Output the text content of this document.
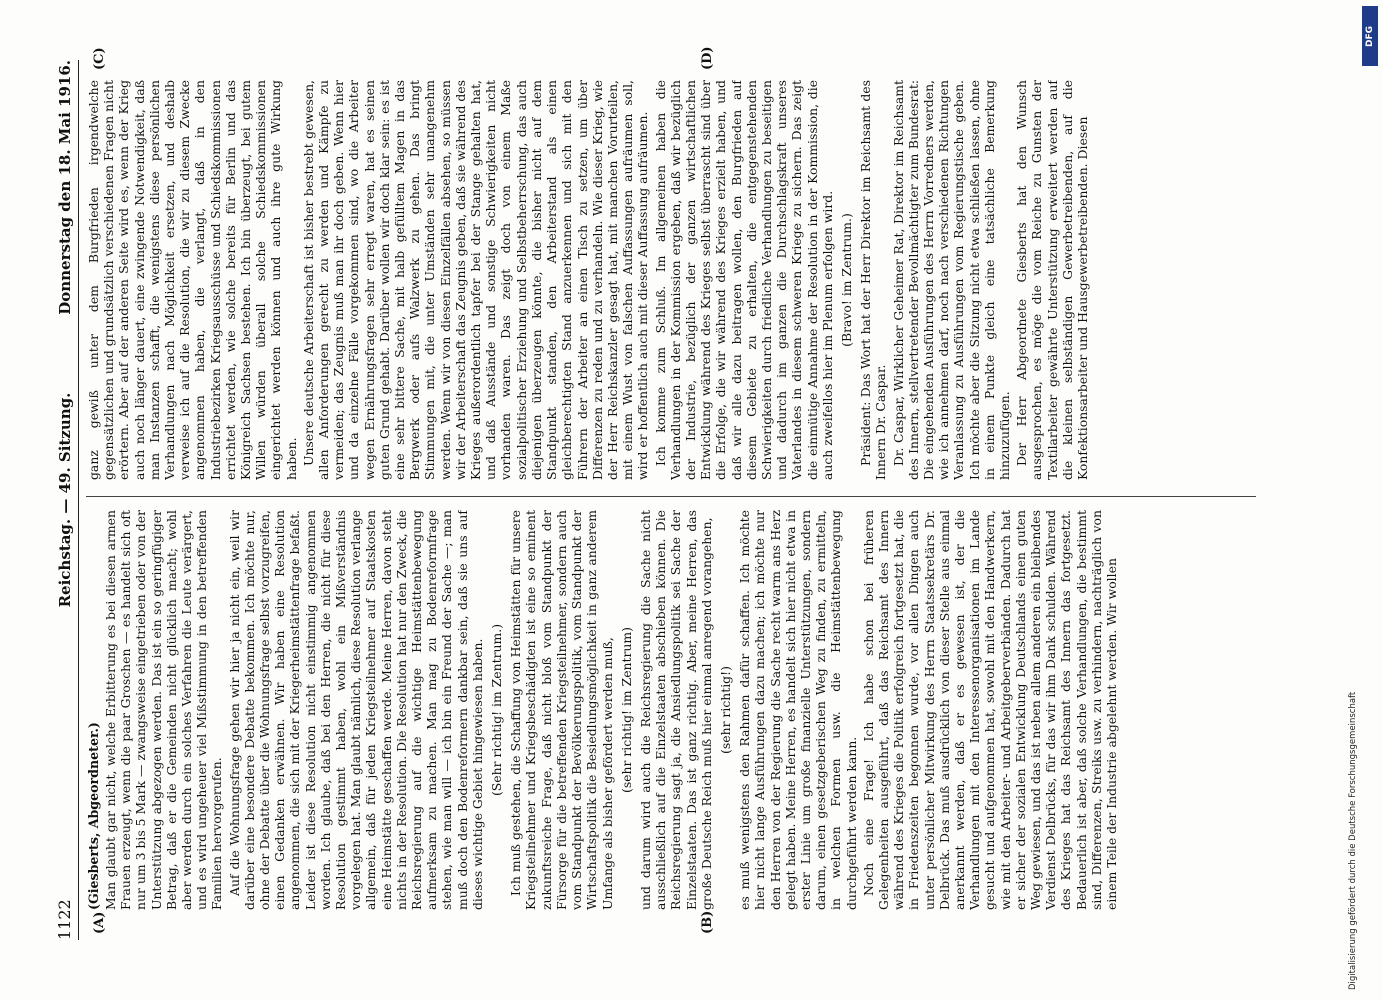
1122
Reichstag. — 49. Sitzung.
Donnerstag den 18. Mai 1916.
(A)	(B)
(C)	(D)
(Giesberts, Abgeordneter.) Man glaubt gar nicht, welche Erbitterung es bei diesen armen Frauen erzeugt, wenn die paar Groschen — es handelt sich oft nur um 3 bis 5 Mark — zwangsweise eingetrieben oder von der Unterstützung abgezogen werden. Das ist ein so geringfügiger Betrag, daß er die Gemeinden nicht glücklich macht; wohl aber werden durch ein solches Verfahren die Leute verärgert, und es wird ungeheuer viel Mißstimmung in den betreffenden Familien hervorgerufen. Auf die Wohnungsfrage gehen wir hier ja nicht ein, weil wir darüber eine besondere Debatte bekommen. Ich möchte nur, ohne der Debatte über die Wohnungsfrage selbst vorzugreifen, einen Gedanken erwähnen. Wir haben eine Resolution angenommen, die sich mit der Kriegerheimstättenfrage befaßt. Leider ist diese Resolution nicht einstimmig angenommen worden. Ich glaube, daß bei den Herren, die nicht für diese Resolution gestimmt haben, wohl ein Mißverständnis vorgelegen hat. Man glaubt nämlich, diese Resolution verlange allgemein, daß für jeden Kriegsteilnehmer auf Staatskosten eine Heimstätte geschaffen werde. Meine Herren, davon steht nichts in der Resolution. Die Resolution hat nur den Zweck, die Reichsregierung auf die wichtige Heimstättenbewegung aufmerksam zu machen. Man mag zu Bodenreformfrage stehen, wie man will — ich bin ein Freund der Sache —; man muß doch den Bodenreformern dankbar sein, daß sie uns auf dieses wichtige Gebiet hingewiesen haben. (Sehr richtig! im Zentrum.) Ich muß gestehen, die Schaffung von Heimstätten für unsere Kriegsteilnehmer und Kriegsbeschädigten ist eine so eminent zukunftsreiche Frage, daß nicht bloß vom Standpunkt der Fürsorge für die betreffenden Kriegsteilnehmer, sondern auch vom Standpunkt der Bevölkerungspolitik, vom Standpunkt der Wirtschaftspolitik die Besiedlungsmöglichkeit in ganz anderem Umfange als bisher gefördert werden muß, (sehr richtig! im Zentrum) und darum wird auch die Reichsregierung die Sache nicht ausschließlich auf die Einzelstaaten abschieben können. Die Reichsregierung sagt ja, die Ansiedlungspolitik sei Sache der Einzelstaaten. Das ist ganz richtig. Aber, meine Herren, das große Deutsche Reich muß hier einmal anregend vorangehen, (sehr richtig!) es muß wenigstens den Rahmen dafür schaffen. Ich möchte hier nicht lange Ausführungen dazu machen; ich möchte nur den Herren von der Regierung die Sache recht warm ans Herz gelegt haben. Meine Herren, es handelt sich hier nicht etwa in erster Linie um große finanzielle Unterstützungen, sondern darum, einen gesetzgeberischen Weg zu finden, zu ermitteln, in welchen Formen usw. die Heimstättenbewegung durchgeführt werden kann. Noch eine Frage! Ich habe schon bei früheren Gelegenheiten ausgeführt, daß das Reichsamt des Innern während des Krieges die Politik erfolgreich fortgesetzt hat, die in Friedenszeiten begonnen wurde, vor allen Dingen auch unter persönlicher Mitwirkung des Herrn Staatssekretärs Dr. Delbrück. Das muß ausdrücklich von dieser Stelle aus einmal anerkannt werden, daß er es gewesen ist, der die Verhandlungen mit den Interessenorganisationen im Lande gesucht und aufgenommen hat, sowohl mit den Handwerkern, wie mit den Arbeiter- und Arbeitgeberverbänden. Dadurch hat er sicher der sozialen Entwicklung Deutschlands einen guten Weg gewiesen, und das ist neben allem anderen ein bleibendes Verdienst Delbrücks, für das wir ihm Dank schulden. Während des Krieges hat das Reichsamt des Innern das fortgesetzt. Bedauerlich ist aber, daß solche Verhandlungen, die bestimmt sind, Differenzen, Streiks usw. zu verhindern, nachträglich von einem Teile der Industrie abgelehnt werden. Wir wollen

ganz gewiß unter dem Burgfrieden irgendwelche gegensätzlichen und grundsätzlich verschiedenen Fragen nicht erörtern. Aber auf der anderen Seite wird es, wenn der Krieg auch noch länger dauert, eine zwingende Notwendigkeit, daß man Instanzen schafft, die wenigstens diese persönlichen Verhandlungen nach Möglichkeit ersetzen, und deshalb verweise ich auf die Resolution, die wir zu diesem Zwecke angenommen haben, die verlangt, daß in den Industriebezirken Kriegsausschüsse und Schiedskommissionen errichtet werden, wie solche bereits für Berlin und das Königreich Sachsen bestehen. Ich bin überzeugt, bei gutem Willen würden überall solche Schiedskommissionen eingerichtet werden können und auch ihre gute Wirkung haben. Unsere deutsche Arbeiterschaft ist bisher bestrebt gewesen, allen Anforderungen gerecht zu werden und Kämpfe zu vermeiden; das Zeugnis muß man ihr doch geben. Wenn hier und da einzelne Fälle vorgekommen sind, wo die Arbeiter wegen Ernährungsfragen sehr erregt waren, hat es seinen guten Grund gehabt. Darüber wollen wir doch klar sein: es ist eine sehr bittere Sache, mit halb gefülltem Magen in das Bergwerk oder aufs Walzwerk zu gehen. Das bringt Stimmungen mit, die unter Umständen sehr unangenehm werden. Wenn wir von diesen Einzelfällen absehen, so müssen wir der Arbeiterschaft das Zeugnis geben, daß sie während des Krieges außerordentlich tapfer bei der Stange gehalten hat, und daß Ausstände und sonstige Schwierigkeiten nicht vorhanden waren. Das zeigt doch von einem Maße sozialpolitischer Erziehung und Selbstbeherrschung, das auch diejenigen überzeugen könnte, die bisher nicht auf dem Standpunkt standen, den Arbeiterstand als einen gleichberechtigten Stand anzuerkennen und sich mit den Führern der Arbeiter an einen Tisch zu setzen, um über Differenzen zu reden und zu verhandeln. Wie dieser Krieg, wie der Herr Reichskanzler gesagt hat, mit manchen Vorurteilen, mit einem Wust von falschen Auffassungen aufräumen soll, wird er hoffentlich auch mit dieser Auffassung aufräumen. Ich komme zum Schluß. Im allgemeinen haben die Verhandlungen in der Kommission ergeben, daß wir bezüglich der Industrie, bezüglich der ganzen wirtschaftlichen Entwicklung während des Krieges selbst überrascht sind über die Erfolge, die wir während des Krieges erzielt haben, und daß wir alle dazu beitragen wollen, den Burgfrieden auf diesem Gebiete zu erhalten, die entgegenstehenden Schwierigkeiten durch friedliche Verhandlungen zu beseitigen und dadurch im ganzen die Durchschlagskraft unseres Vaterlandes in diesem schweren Kriege zu sichern. Das zeigt die einmütige Annahme der Resolution in der Kommission, die auch zweifellos hier im Plenum erfolgen wird. (Bravo! im Zentrum.) Präsident: Das Wort hat der Herr Direktor im Reichsamt des Innern Dr. Caspar. Dr. Caspar, Wirklicher Geheimer Rat, Direktor im Reichsamt des Innern, stellvertretender Bevollmächtigter zum Bundesrat: Die eingehenden Ausführungen des Herrn Vorredners werden, wie ich annehmen darf, noch nach verschiedenen Richtungen Veranlassung zu Ausführungen vom Regierungstische geben. Ich möchte aber die Sitzung nicht etwa schließen lassen, ohne in einem Punkte gleich eine tatsächliche Bemerkung hinzuzufügen. Der Herr Abgeordnete Giesberts hat den Wunsch ausgesprochen, es möge die vom Reiche zu Gunsten der Textilarbeiter gewährte Unterstützung erweitert werden auf die kleinen selbständigen Gewerbetreibenden, auf die Konfektionsarbeiter und Hausgewerbetreibenden. Diesen

Digitalisierung gefördert durch die Deutsche Forschungsgemeinschaft
DFG
